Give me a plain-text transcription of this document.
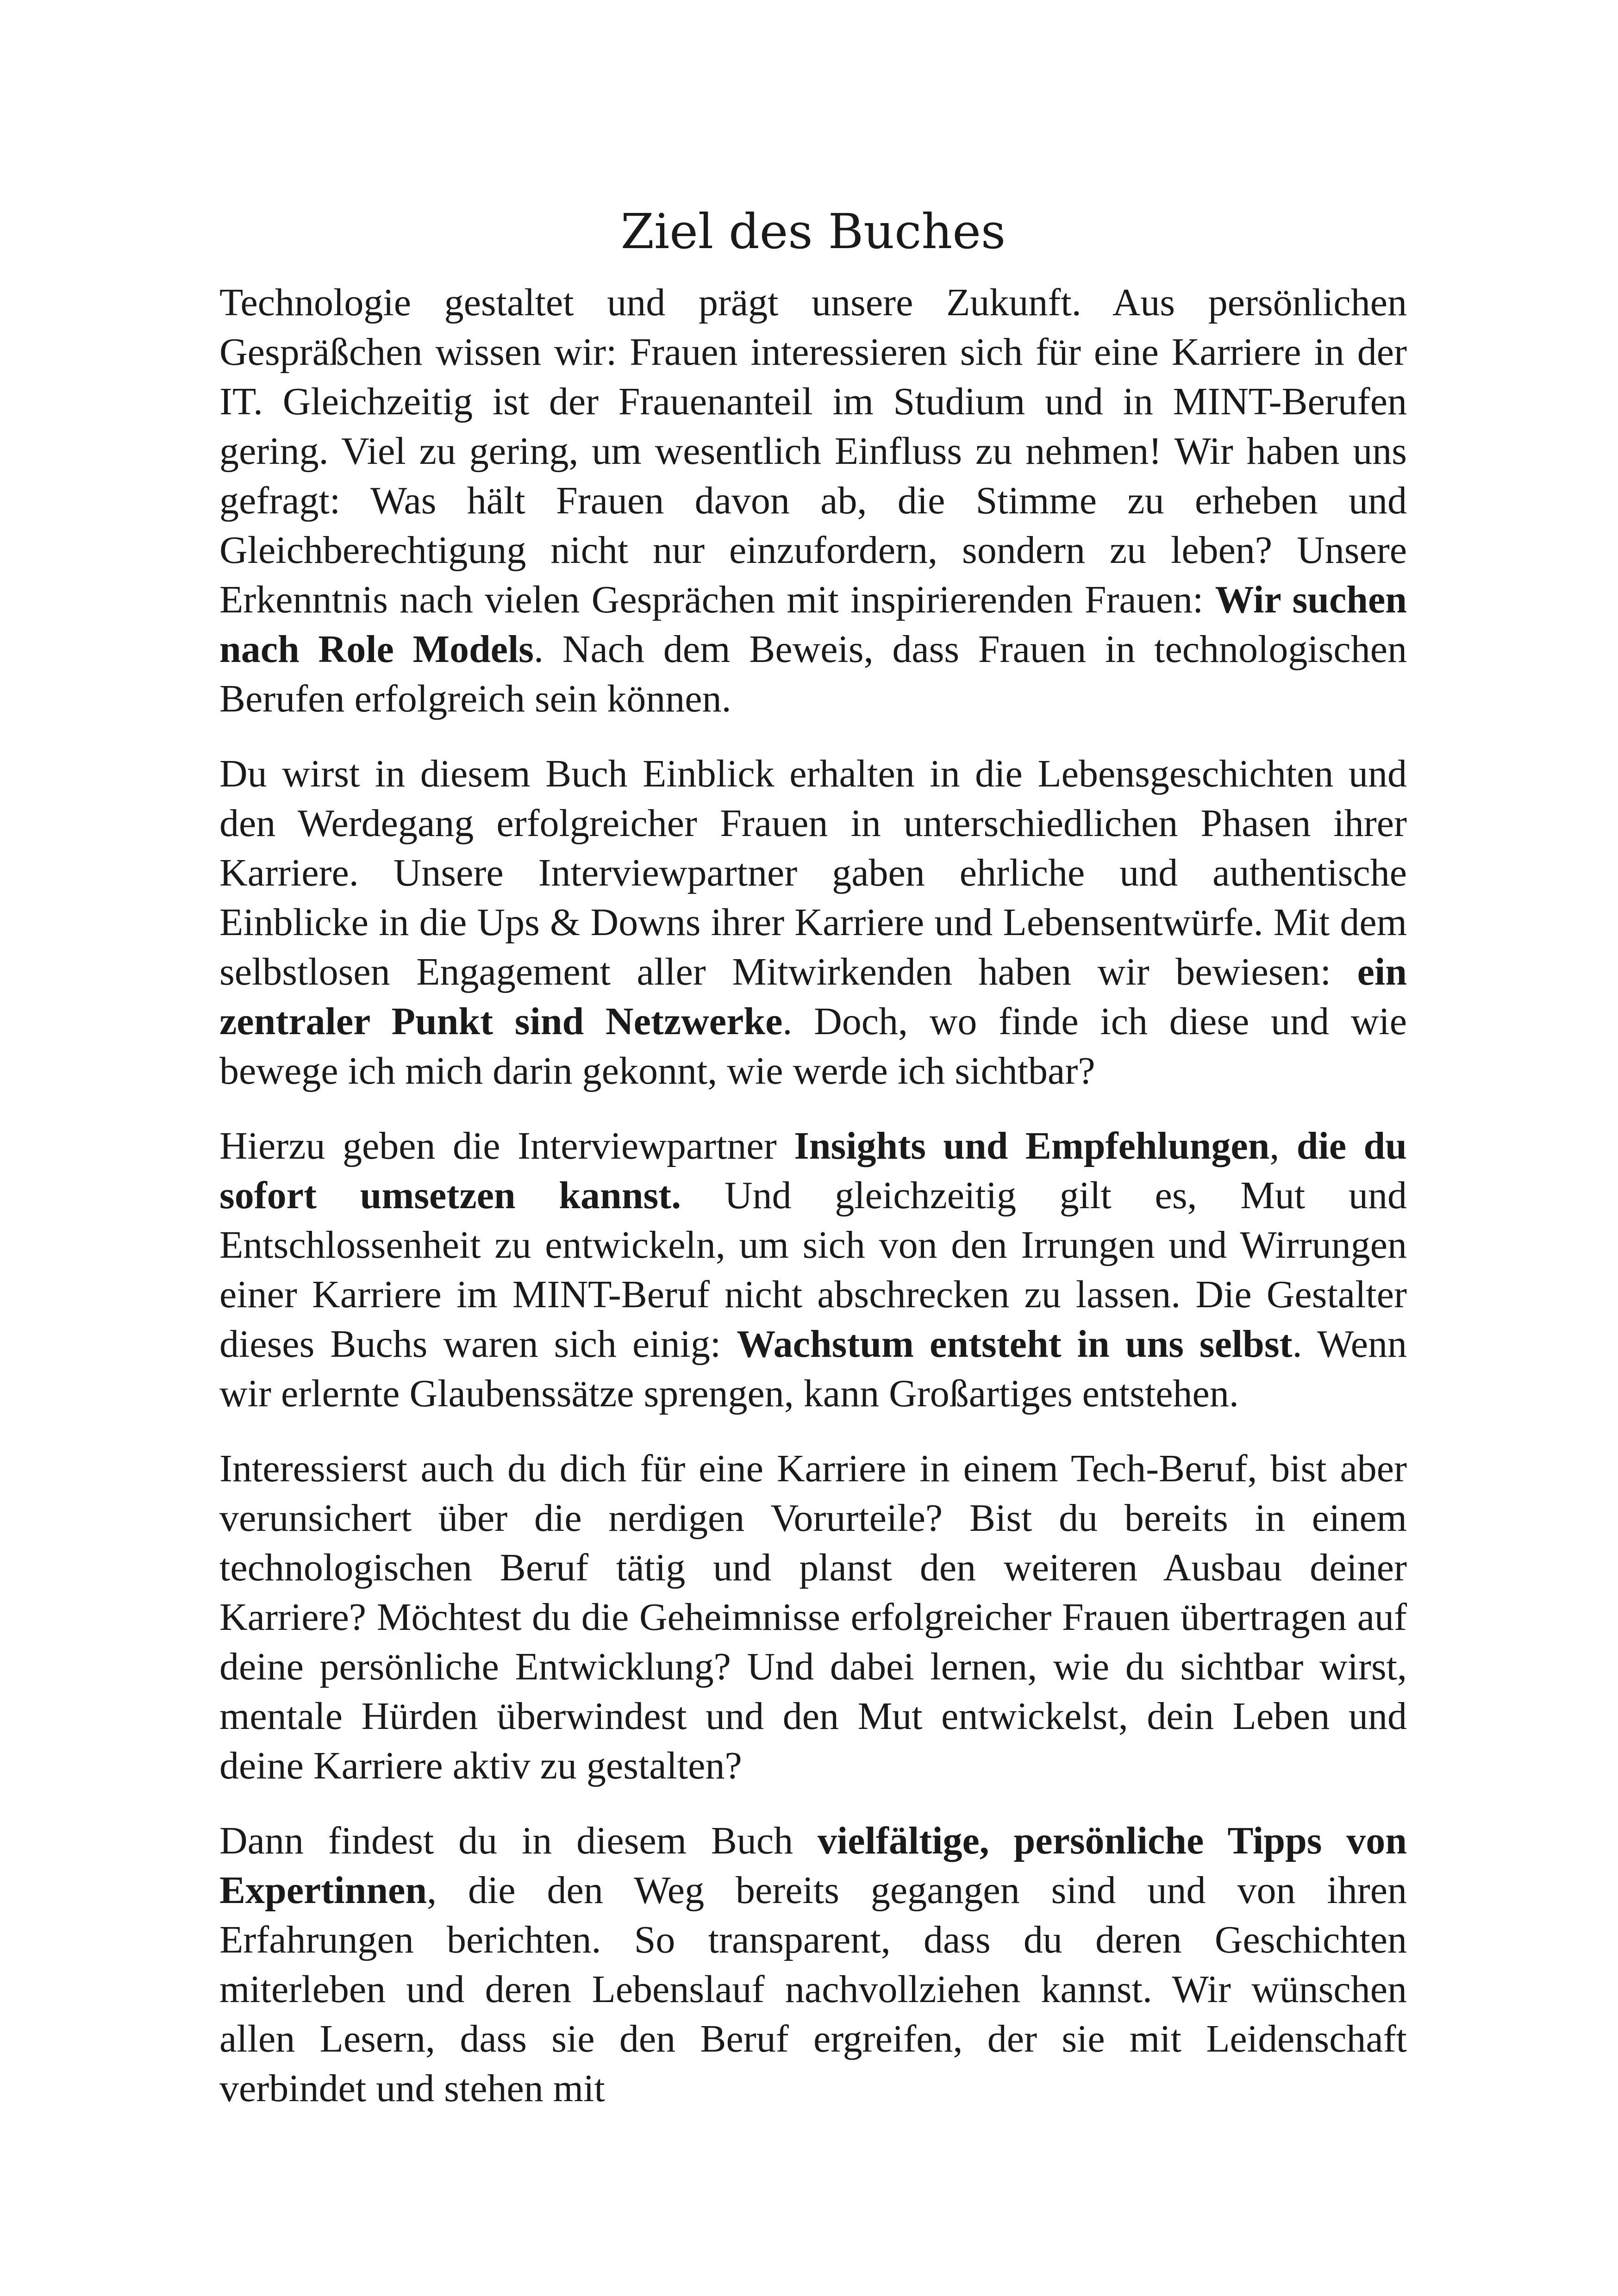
Ziel des Buches

Technologie gestaltet und prägt unsere Zukunft. Aus persönlichen Gespräßchen wissen wir: Frauen interessieren sich für eine Karriere in der IT. Gleichzeitig ist der Frauenanteil im Studium und in MINT-Berufen gering. Viel zu gering, um wesentlich Einfluss zu nehmen! Wir haben uns gefragt: Was hält Frauen davon ab, die Stimme zu erheben und Gleichberechtigung nicht nur einzufordern, sondern zu leben? Unsere Erkenntnis nach vielen Gesprächen mit inspirierenden Frauen: Wir suchen nach Role Models. Nach dem Beweis, dass Frauen in technologischen Berufen erfolgreich sein können.

Du wirst in diesem Buch Einblick erhalten in die Lebensgeschichten und den Werdegang erfolgreicher Frauen in unterschiedlichen Phasen ihrer Karriere. Unsere Interviewpartner gaben ehrliche und authentische Einblicke in die Ups & Downs ihrer Karriere und Lebensentwürfe. Mit dem selbstlosen Engagement aller Mitwirkenden haben wir bewiesen: ein zentraler Punkt sind Netzwerke. Doch, wo finde ich diese und wie bewege ich mich darin gekonnt, wie werde ich sichtbar?

Hierzu geben die Interviewpartner Insights und Empfehlungen, die du sofort umsetzen kannst. Und gleichzeitig gilt es, Mut und Entschlossenheit zu entwickeln, um sich von den Irrungen und Wirrungen einer Karriere im MINT-Beruf nicht abschrecken zu lassen. Die Gestalter dieses Buchs waren sich einig: Wachstum entsteht in uns selbst. Wenn wir erlernte Glaubenssätze sprengen, kann Großartiges entstehen.

Interessierst auch du dich für eine Karriere in einem Tech-Beruf, bist aber verunsichert über die nerdigen Vorurteile? Bist du bereits in einem technologischen Beruf tätig und planst den weiteren Ausbau deiner Karriere? Möchtest du die Geheimnisse erfolgreicher Frauen übertragen auf deine persönliche Entwicklung? Und dabei lernen, wie du sichtbar wirst, mentale Hürden überwindest und den Mut entwickelst, dein Leben und deine Karriere aktiv zu gestalten?

Dann findest du in diesem Buch vielfältige, persönliche Tipps von Expertinnen, die den Weg bereits gegangen sind und von ihren Erfahrungen berichten. So transparent, dass du deren Geschichten miterleben und deren Lebenslauf nachvollziehen kannst. Wir wünschen allen Lesern, dass sie den Beruf ergreifen, der sie mit Leidenschaft verbindet und stehen mit
